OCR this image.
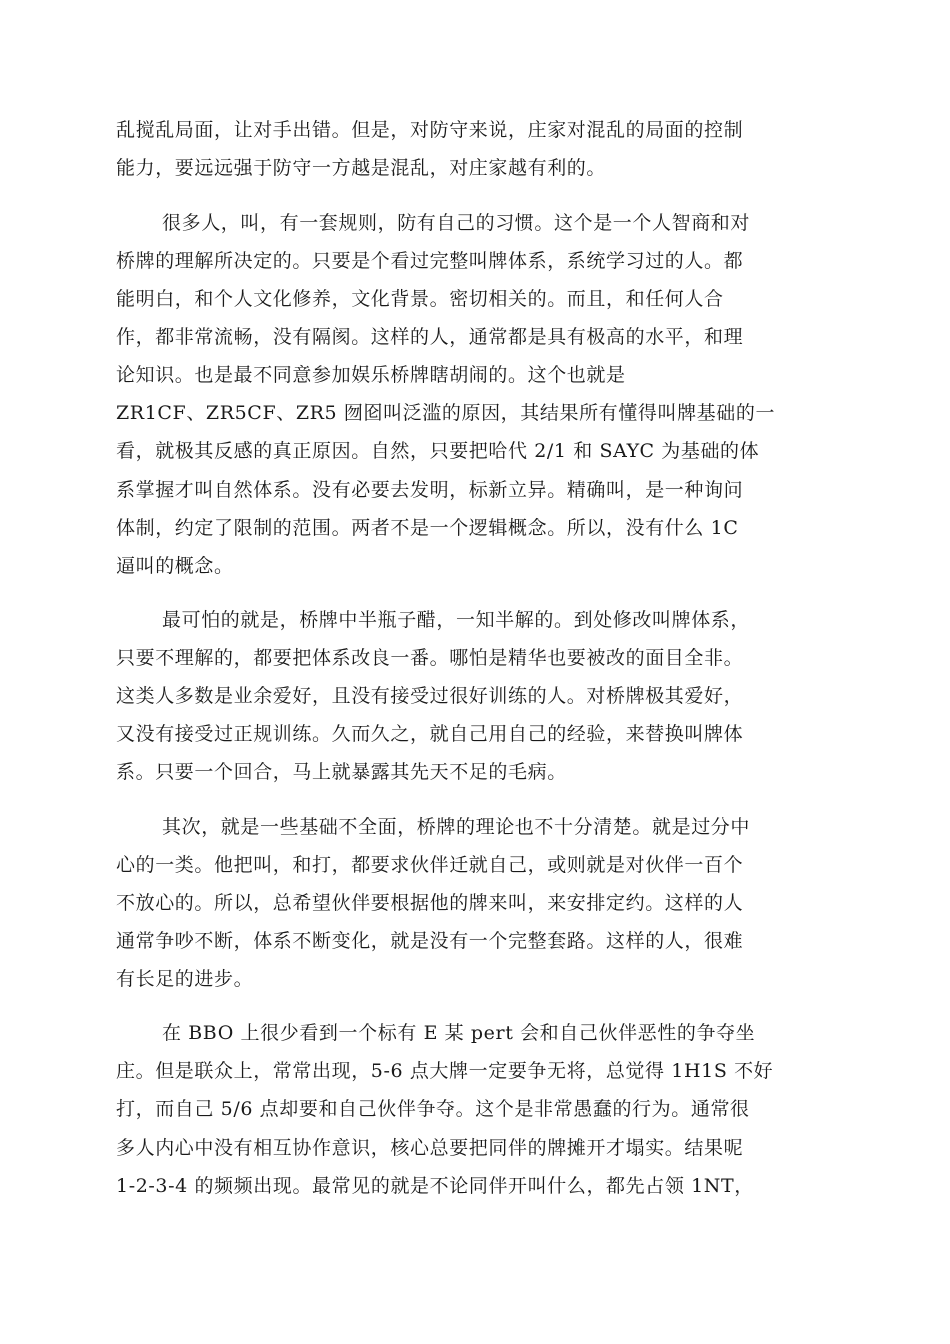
乱搅乱局面，让对手出错。但是，对防守来说，庄家对混乱的局面的控制
能力，要远远强于防守一方越是混乱，对庄家越有利的。
很多人，叫，有一套规则，防有自己的习惯。这个是一个人智商和对
桥牌的理解所决定的。只要是个看过完整叫牌体系，系统学习过的人。都
能明白，和个人文化修养，文化背景。密切相关的。而且，和任何人合
作，都非常流畅，没有隔阂。这样的人，通常都是具有极高的水平，和理
论知识。也是最不同意参加娱乐桥牌瞎胡闹的。这个也就是
ZR1CF、ZR5CF、ZR5 囫囵叫泛滥的原因，其结果所有懂得叫牌基础的一
看，就极其反感的真正原因。自然，只要把哈代 2/1 和 SAYC 为基础的体
系掌握才叫自然体系。没有必要去发明，标新立异。精确叫，是一种询问
体制，约定了限制的范围。两者不是一个逻辑概念。所以，没有什么 1C
逼叫的概念。
最可怕的就是，桥牌中半瓶子醋，一知半解的。到处修改叫牌体系，
只要不理解的，都要把体系改良一番。哪怕是精华也要被改的面目全非。
这类人多数是业余爱好，且没有接受过很好训练的人。对桥牌极其爱好，
又没有接受过正规训练。久而久之，就自己用自己的经验，来替换叫牌体
系。只要一个回合，马上就暴露其先天不足的毛病。
其次，就是一些基础不全面，桥牌的理论也不十分清楚。就是过分中
心的一类。他把叫，和打，都要求伙伴迁就自己，或则就是对伙伴一百个
不放心的。所以，总希望伙伴要根据他的牌来叫，来安排定约。这样的人
通常争吵不断，体系不断变化，就是没有一个完整套路。这样的人，很难
有长足的进步。
在 BBO 上很少看到一个标有 E 某 pert 会和自己伙伴恶性的争夺坐
庄。但是联众上，常常出现，5-6 点大牌一定要争无将，总觉得 1H1S 不好
打，而自己 5/6 点却要和自己伙伴争夺。这个是非常愚蠢的行为。通常很
多人内心中没有相互协作意识，核心总要把同伴的牌摊开才塌实。结果呢
1-2-3-4 的频频出现。最常见的就是不论同伴开叫什么，都先占领 1NT，
